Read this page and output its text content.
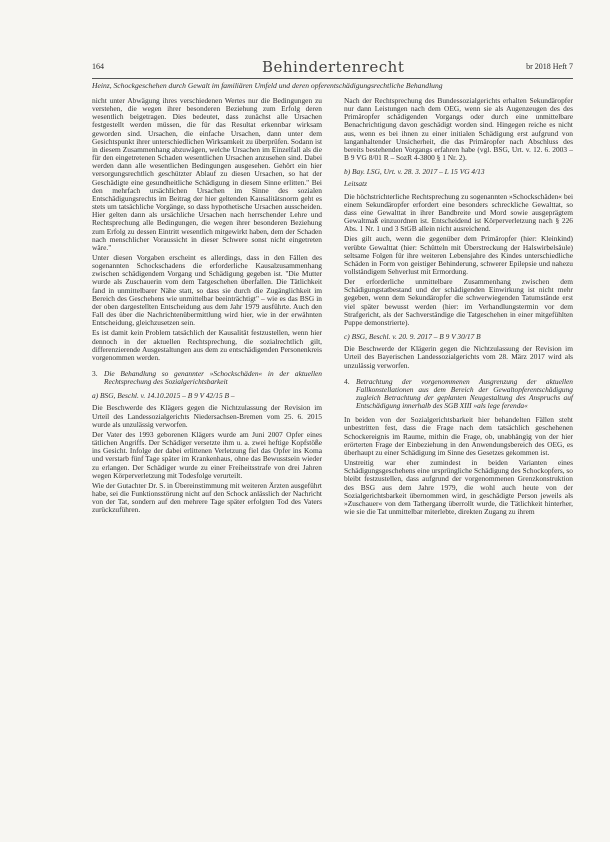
164	Behindertenrecht	br 2018 Heft 7
Heinz, Schockgeschehen durch Gewalt im familiären Umfeld und deren opferentschädigungsrechtliche Behandlung

nicht unter Abwägung ihres verschiedenen Wertes nur die Bedingungen zu verstehen, die wegen ihrer besonderen Beziehung zum Erfolg deren wesentlich beigetragen. Dies bedeutet, dass zunächst alle Ursachen festgestellt werden müssen, die für das Resultat erkennbar wirksam geworden sind. Ursachen, die einfache Ursachen, dann unter dem Gesichtspunkt ihrer unterschiedlichen Wirksamkeit zu überprüfen. Sodann ist in diesem Zusammenhang abzuwägen, welche Ursachen im Einzelfall als die für den eingetretenen Schaden wesentlichen Ursachen anzusehen sind. Dabei werden dann alle wesentlichen Bedingungen ausgesehen. Gehört ein hier versorgungsrechtlich geschützter Ablauf zu diesen Ursachen, so hat der Geschädigte eine gesundheitliche Schädigung in diesem Sinne erlitten." Bei den mehrfach ursächlichen Ursachen im Sinne des sozialen Entschädigungsrechts im Beitrag der hier geltenden Kausalitätsnorm geht es stets um tatsächliche Vorgänge, so dass hypothetische Ursachen ausscheiden. Hier gelten dann als ursächliche Ursachen nach herrschender Lehre und Rechtsprechung alle Bedingungen, die wegen ihrer besonderen Beziehung zum Erfolg zu dessen Eintritt wesentlich mitgewirkt haben, dem der Schaden nach menschlicher Voraussicht in dieser Schwere sonst nicht eingetreten wäre."

Unter diesen Vorgaben erscheint es allerdings, dass in den Fällen des sogenannten Schockschadens die erforderliche Kausalzusammenhang zwischen schädigendem Vorgang und Schädigung gegeben ist. "Die Mutter wurde als Zuschauerin vom dem Tatgeschehen überfallen. Die Tätlichkeit fand in unmittelbarer Nähe statt, so dass sie durch die Zugänglichkeit im Bereich des Geschehens wie unmittelbar beeinträchtigt" – wie es das BSG in der oben dargestellten Entscheidung aus dem Jahr 1979 ausführte. Auch den Fall des über die Nachrichtenübermittlung wird hier, wie in der erwähnten Entscheidung, gleichzusetzen sein.

Es ist damit kein Problem tatsächlich der Kausalität festzustellen, wenn hier dennoch in der aktuellen Rechtsprechung, die sozialrechtlich gilt, differenzierende Ausgestaltungen aus dem zu entschädigenden Personenkreis vorgenommen werden.

3. Die Behandlung so genannter »Schockschäden« in der aktuellen Rechtsprechung des Sozialgerichtsbarkeit
a) BSG, Beschl. v. 14.10.2015 – B 9 V 42/15 B –

Die Beschwerde des Klägers gegen die Nichtzulassung der Revision im Urteil des Landessozialgerichts Niedersachsen-Bremen vom 25. 6. 2015 wurde als unzulässig verworfen.

Der Vater des 1993 geborenen Klägers wurde am Juni 2007 Opfer eines tätlichen Angriffs. Der Schädiger versetzte ihm u. a. zwei heftige Kopfstöße ins Gesicht. Infolge der dabei erlittenen Verletzung fiel das Opfer ins Koma und verstarb fünf Tage später im Krankenhaus, ohne das Bewusstsein wieder zu erlangen. Der Schädiger wurde zu einer Freiheitsstrafe von drei Jahren wegen Körperverletzung mit Todesfolge verurteilt.

Wie der Gutachter Dr. S. in Übereinstimmung mit weiteren Ärzten ausgeführt habe, sei die Funktionsstörung nicht auf den Schock anlässlich der Nachricht von der Tat, sondern auf den mehrere Tage später erfolgten Tod des Vaters zurückzuführen.

Nach der Rechtsprechung des Bundessozialgerichts erhalten Sekundäropfer nur dann Leistungen nach dem OEG, wenn sie als Augenzeugen des des Primäropfer schädigenden Vorgangs oder durch eine unmittelbare Benachrichtigung davon geschädigt worden sind. Hingegen reiche es nicht aus, wenn es bei ihnen zu einer initialen Schädigung erst aufgrund von langanhaltender Unsicherheit, die das Primäropfer nach Abschluss des bereits bestehenden Vorgangs erfahren habe (vgl. BSG, Urt. v. 12. 6. 2003 – B 9 VG 8/01 R – SozR 4-3800 § 1 Nr. 2).

b) Bay. LSG, Urt. v. 28. 3. 2017 – L 15 VG 4/13
Leitsatz

Die höchstrichterliche Rechtsprechung zu sogenannten »Schockschäden« bei einem Sekundäropfer erfordert eine besonders schreckliche Gewalttat, so dass eine Gewalttat in ihrer Bandbreite und Mord sowie ausgeprägtem Gewaltmaß einzuordnen ist. Entscheidend ist Körperverletzung nach § 226 Abs. 1 Nr. 1 und 3 StGB allein nicht ausreichend.

Dies gilt auch, wenn die gegenüber dem Primäropfer (hier: Kleinkind) verübte Gewalttat (hier: Schütteln mit Überstreckung der Halswirbelsäule) seltsame Folgen für ihre weiteren Lebensjahre des Kindes unterschiedliche Schäden in Form von geistiger Behinderung, schwerer Epilepsie und nahezu vollständigem Sehverlust mit Ermordung.

Der erforderliche unmittelbare Zusammenhang zwischen dem Schädigungstatbestand und der schädigenden Einwirkung ist nicht mehr gegeben, wenn dem Sekundäropfer die schwerwiegenden Tatumstände erst viel später bewusst werden (hier: im Verhandlungstermin vor dem Strafgericht, als der Sachverständige die Tatgeschehen in einer mitgefühlten Puppe demonstrierte).

c) BSG, Beschl. v. 20. 9. 2017 – B 9 V 30/17 B

Die Beschwerde der Klägerin gegen die Nichtzulassung der Revision im Urteil des Bayerischen Landessozialgerichts vom 28. März 2017 wird als unzulässig verworfen.

4. Betrachtung der vorgenommenen Ausgrenzung der aktuellen Fallkonstellationen aus dem Bereich der Gewaltopferentschädigung zugleich Betrachtung der geplanten Neugestaltung des Anspruchs auf Entschädigung innerhalb des SGB XIII »als lege ferenda«

In beiden von der Sozialgerichtsbarkeit hier behandelten Fällen steht unbestritten fest, dass die Frage nach dem tatsächlich geschehenen Schockereignis im Raume, mithin die Frage, ob, unabhängig von der hier erörterten Frage der Einbeziehung in den Anwendungsbereich des OEG, es überhaupt zu einer Schädigung im Sinne des Gesetzes gekommen ist.

Unstreitig war eher zumindest in beiden Varianten eines Schädigungsgeschehens eine ursprüngliche Schädigung des Schockopfers, so bleibt festzustellen, dass aufgrund der vorgenommenen Grenzkonstruktion des BSG aus dem Jahre 1979, die wohl auch heute von der Sozialgerichtsbarkeit übernommen wird, in geschädigte Person jeweils als »Zuschauer« von dem Tathergang überrollt wurde, die Tätlichkeit hinterher, wie sie die Tat unmittelbar miterlebte, direkten Zugang zu ihrem
